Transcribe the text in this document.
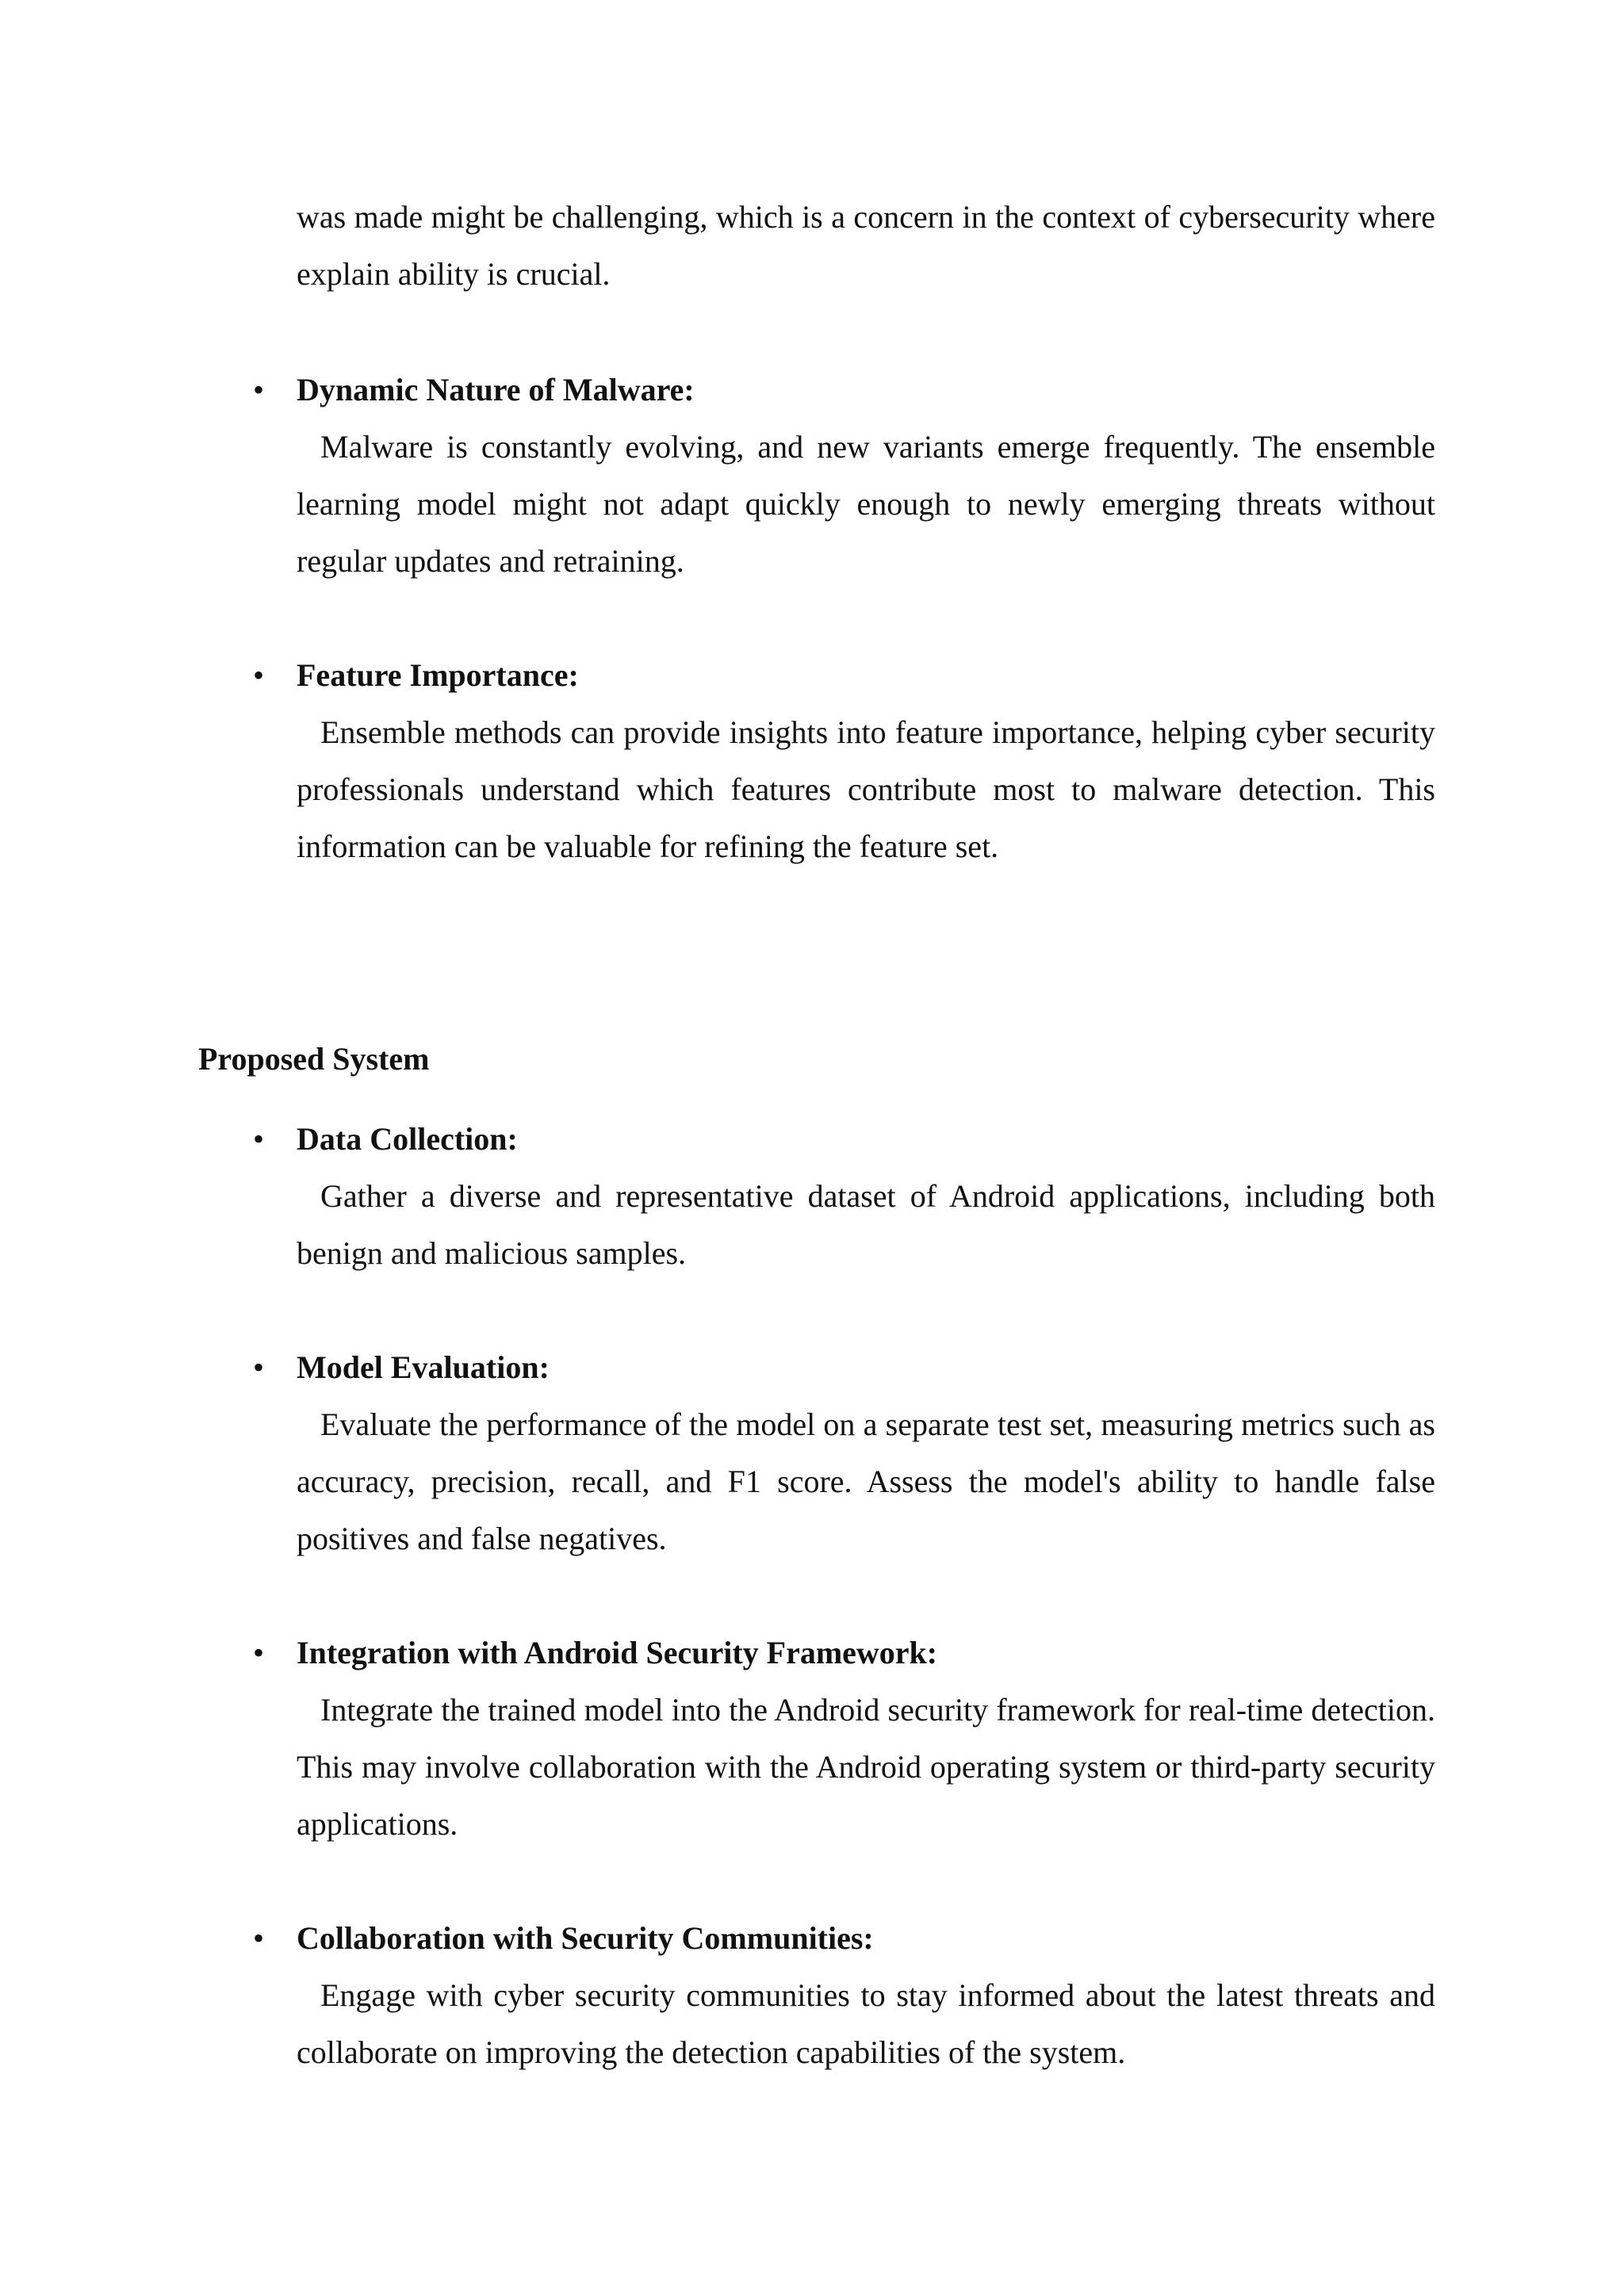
was made might be challenging, which is a concern in the context of cybersecurity where explain ability is crucial.

•	Dynamic Nature of Malware:

Malware is constantly evolving, and new variants emerge frequently. The ensemble learning model might not adapt quickly enough to newly emerging threats without regular updates and retraining.

•	Feature Importance:

Ensemble methods can provide insights into feature importance, helping cyber security professionals understand which features contribute most to malware detection. This information can be valuable for refining the feature set.

Proposed System

•	Data Collection:

Gather a diverse and representative dataset of Android applications, including both benign and malicious samples.

•	Model Evaluation:

Evaluate the performance of the model on a separate test set, measuring metrics such as accuracy, precision, recall, and F1 score. Assess the model's ability to handle false positives and false negatives.

•	Integration with Android Security Framework:

Integrate the trained model into the Android security framework for real-time detection. This may involve collaboration with the Android operating system or third-party security applications.

•	Collaboration with Security Communities:

Engage with cyber security communities to stay informed about the latest threats and collaborate on improving the detection capabilities of the system.
